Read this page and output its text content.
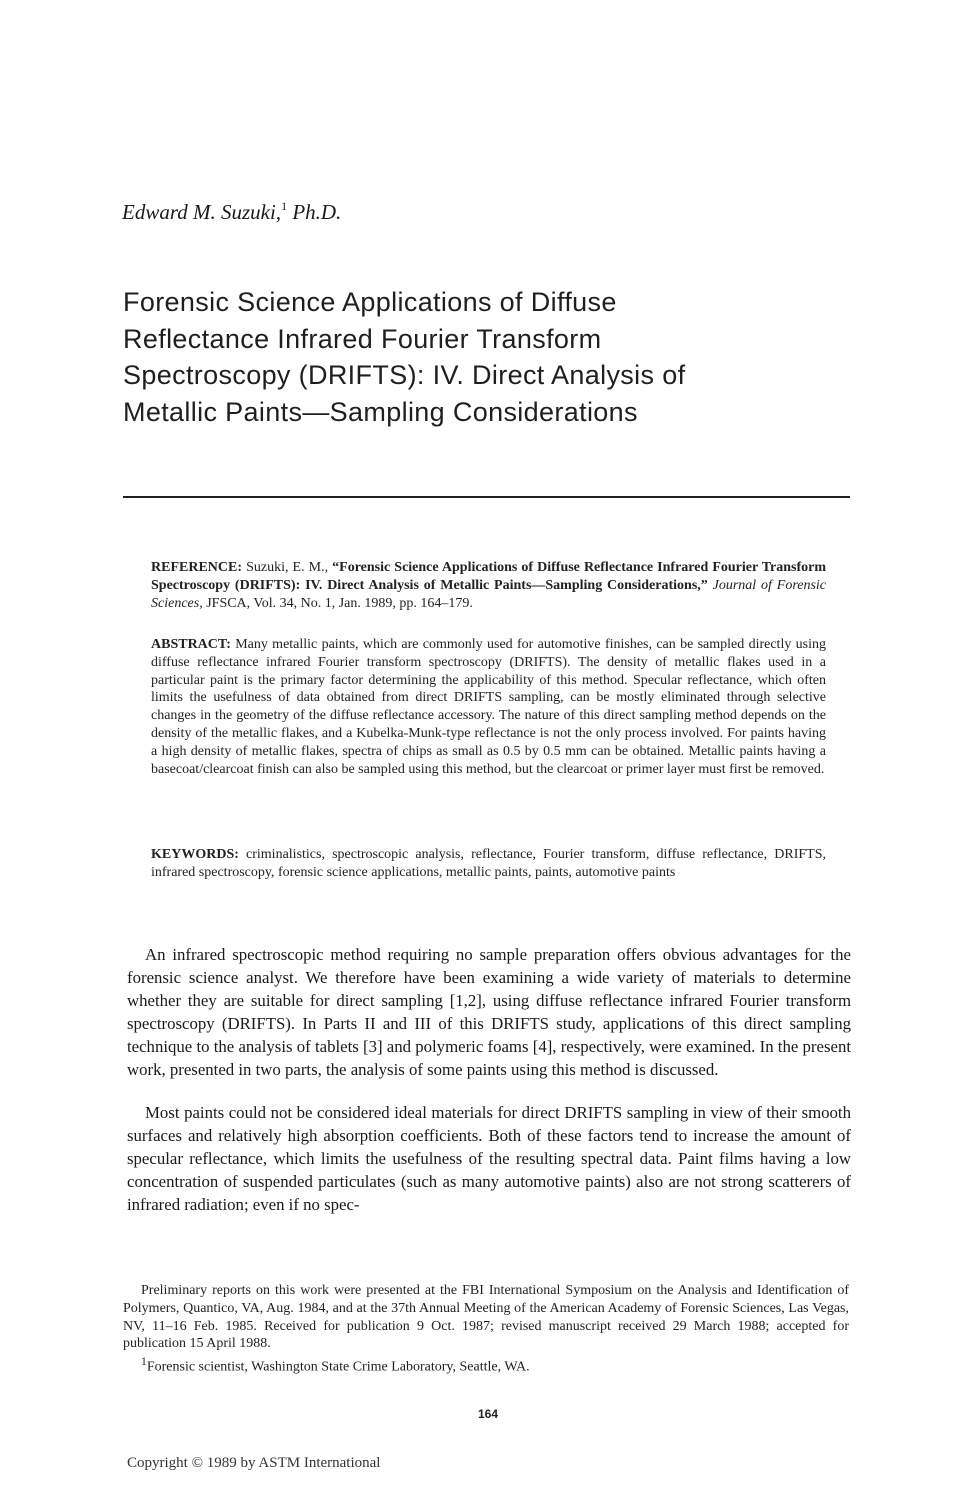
Edward M. Suzuki,$^1$ Ph.D.
Forensic Science Applications of Diffuse
Reflectance Infrared Fourier Transform
Spectroscopy (DRIFTS): IV. Direct Analysis of
Metallic Paints—Sampling Considerations
REFERENCE: Suzuki, E. M., “Forensic Science Applications of Diffuse Reflectance Infrared Fourier Transform Spectroscopy (DRIFTS): IV. Direct Analysis of Metallic Paints—Sampling Considerations,” Journal of Forensic Sciences, JFSCA, Vol. 34, No. 1, Jan. 1989, pp. 164–179.
ABSTRACT: Many metallic paints, which are commonly used for automotive finishes, can be sampled directly using diffuse reflectance infrared Fourier transform spectroscopy (DRIFTS). The density of metallic flakes used in a particular paint is the primary factor determining the applicability of this method. Specular reflectance, which often limits the usefulness of data obtained from direct DRIFTS sampling, can be mostly eliminated through selective changes in the geometry of the diffuse reflectance accessory. The nature of this direct sampling method depends on the density of the metallic flakes, and a Kubelka-Munk-type reflectance is not the only process involved. For paints having a high density of metallic flakes, spectra of chips as small as 0.5 by 0.5 mm can be obtained. Metallic paints having a basecoat/clearcoat finish can also be sampled using this method, but the clearcoat or primer layer must first be removed.
KEYWORDS: criminalistics, spectroscopic analysis, reflectance, Fourier transform, diffuse reflectance, DRIFTS, infrared spectroscopy, forensic science applications, metallic paints, paints, automotive paints
An infrared spectroscopic method requiring no sample preparation offers obvious advantages for the forensic science analyst. We therefore have been examining a wide variety of materials to determine whether they are suitable for direct sampling [1,2], using diffuse reflectance infrared Fourier transform spectroscopy (DRIFTS). In Parts II and III of this DRIFTS study, applications of this direct sampling technique to the analysis of tablets [3] and polymeric foams [4], respectively, were examined. In the present work, presented in two parts, the analysis of some paints using this method is discussed.
Most paints could not be considered ideal materials for direct DRIFTS sampling in view of their smooth surfaces and relatively high absorption coefficients. Both of these factors tend to increase the amount of specular reflectance, which limits the usefulness of the resulting spectral data. Paint films having a low concentration of suspended particulates (such as many automotive paints) also are not strong scatterers of infrared radiation; even if no spec-
Preliminary reports on this work were presented at the FBI International Symposium on the Analysis and Identification of Polymers, Quantico, VA, Aug. 1984, and at the 37th Annual Meeting of the American Academy of Forensic Sciences, Las Vegas, NV, 11–16 Feb. 1985. Received for publication 9 Oct. 1987; revised manuscript received 29 March 1988; accepted for publication 15 April 1988.
$^1$Forensic scientist, Washington State Crime Laboratory, Seattle, WA.
164
Copyright © 1989 by ASTM International
